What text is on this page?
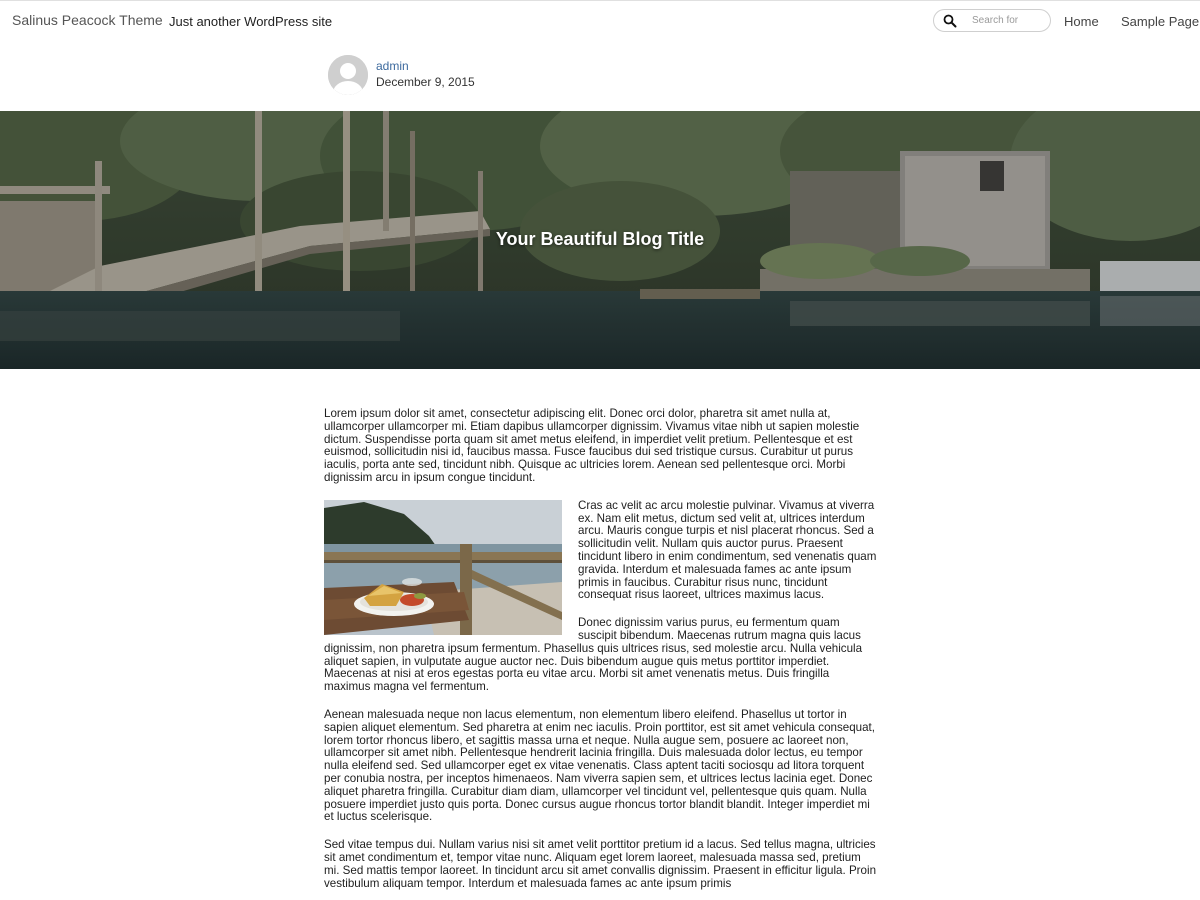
Salinus Peacock Theme Just another WordPress site
Search for	Home Sample Page
admin
December 9, 2015
Your Beautiful Blog Title

Lorem ipsum dolor sit amet, consectetur adipiscing elit. Donec orci dolor, pharetra sit amet nulla at, ullamcorper ullamcorper mi. Etiam dapibus ullamcorper dignissim. Vivamus vitae nibh ut sapien molestie dictum. Suspendisse porta quam sit amet metus eleifend, in imperdiet velit pretium. Pellentesque et est euismod, sollicitudin nisi id, faucibus massa. Fusce faucibus dui sed tristique cursus. Curabitur ut purus iaculis, porta ante sed, tincidunt nibh. Quisque ac ultricies lorem. Aenean sed pellentesque orci. Morbi dignissim arcu in ipsum congue tincidunt.

Cras ac velit ac arcu molestie pulvinar. Vivamus at viverra ex. Nam elit metus, dictum sed velit at, ultrices interdum arcu. Mauris congue turpis et nisl placerat rhoncus. Sed a sollicitudin velit. Nullam quis auctor purus. Praesent tincidunt libero in enim condimentum, sed venenatis quam gravida. Interdum et malesuada fames ac ante ipsum primis in faucibus. Curabitur risus nunc, tincidunt consequat risus laoreet, ultrices maximus lacus.

Donec dignissim varius purus, eu fermentum quam suscipit bibendum. Maecenas rutrum magna quis lacus dignissim, non pharetra ipsum fermentum. Phasellus quis ultrices risus, sed molestie arcu. Nulla vehicula aliquet sapien, in vulputate augue auctor nec. Duis bibendum augue quis metus porttitor imperdiet. Maecenas at nisi at eros egestas porta eu vitae arcu. Morbi sit amet venenatis metus. Duis fringilla maximus magna vel fermentum.

Aenean malesuada neque non lacus elementum, non elementum libero eleifend. Phasellus ut tortor in sapien aliquet elementum. Sed pharetra at enim nec iaculis. Proin porttitor, est sit amet vehicula consequat, lorem tortor rhoncus libero, et sagittis massa urna et neque. Nulla augue sem, posuere ac laoreet non, ullamcorper sit amet nibh. Pellentesque hendrerit lacinia fringilla. Duis malesuada dolor lectus, eu tempor nulla eleifend sed. Sed ullamcorper eget ex vitae venenatis. Class aptent taciti sociosqu ad litora torquent per conubia nostra, per inceptos himenaeos. Nam viverra sapien sem, et ultrices lectus lacinia eget. Donec aliquet pharetra fringilla. Curabitur diam diam, ullamcorper vel tincidunt vel, pellentesque quis quam. Nulla posuere imperdiet justo quis porta. Donec cursus augue rhoncus tortor blandit blandit. Integer imperdiet mi et luctus scelerisque.

Sed vitae tempus dui. Nullam varius nisi sit amet velit porttitor pretium id a lacus. Sed tellus magna, ultricies sit amet condimentum et, tempor vitae nunc. Aliquam eget lorem laoreet, malesuada massa sed, pretium mi. Sed mattis tempor laoreet. In tincidunt arcu sit amet convallis dignissim. Praesent in efficitur ligula. Proin vestibulum aliquam tempor. Interdum et malesuada fames ac ante ipsum primis
